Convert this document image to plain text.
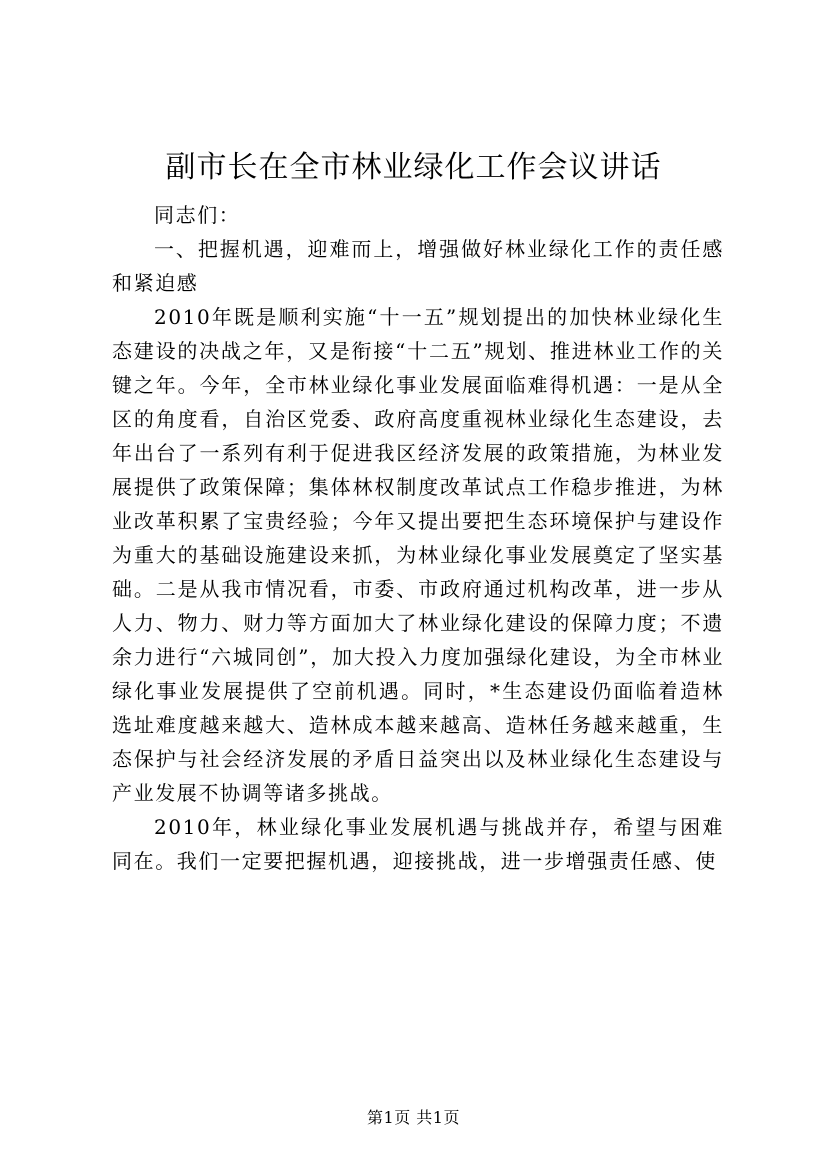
副市长在全市林业绿化工作会议讲话

同志们：

一、把握机遇，迎难而上，增强做好林业绿化工作的责任感和紧迫感

2010年既是顺利实施“十一五”规划提出的加快林业绿化生态建设的决战之年，又是衔接“十二五”规划、推进林业工作的关键之年。今年，全市林业绿化事业发展面临难得机遇：一是从全区的角度看，自治区党委、政府高度重视林业绿化生态建设，去年出台了一系列有利于促进我区经济发展的政策措施，为林业发展提供了政策保障；集体林权制度改革试点工作稳步推进，为林业改革积累了宝贵经验；今年又提出要把生态环境保护与建设作为重大的基础设施建设来抓，为林业绿化事业发展奠定了坚实基础。二是从我市情况看，市委、市政府通过机构改革，进一步从人力、物力、财力等方面加大了林业绿化建设的保障力度；不遗余力进行“六城同创”，加大投入力度加强绿化建设，为全市林业绿化事业发展提供了空前机遇。同时，*生态建设仍面临着造林选址难度越来越大、造林成本越来越高、造林任务越来越重，生态保护与社会经济发展的矛盾日益突出以及林业绿化生态建设与产业发展不协调等诸多挑战。

2010年，林业绿化事业发展机遇与挑战并存，希望与困难同在。我们一定要把握机遇，迎接挑战，进一步增强责任感、使

第1页 共1页
